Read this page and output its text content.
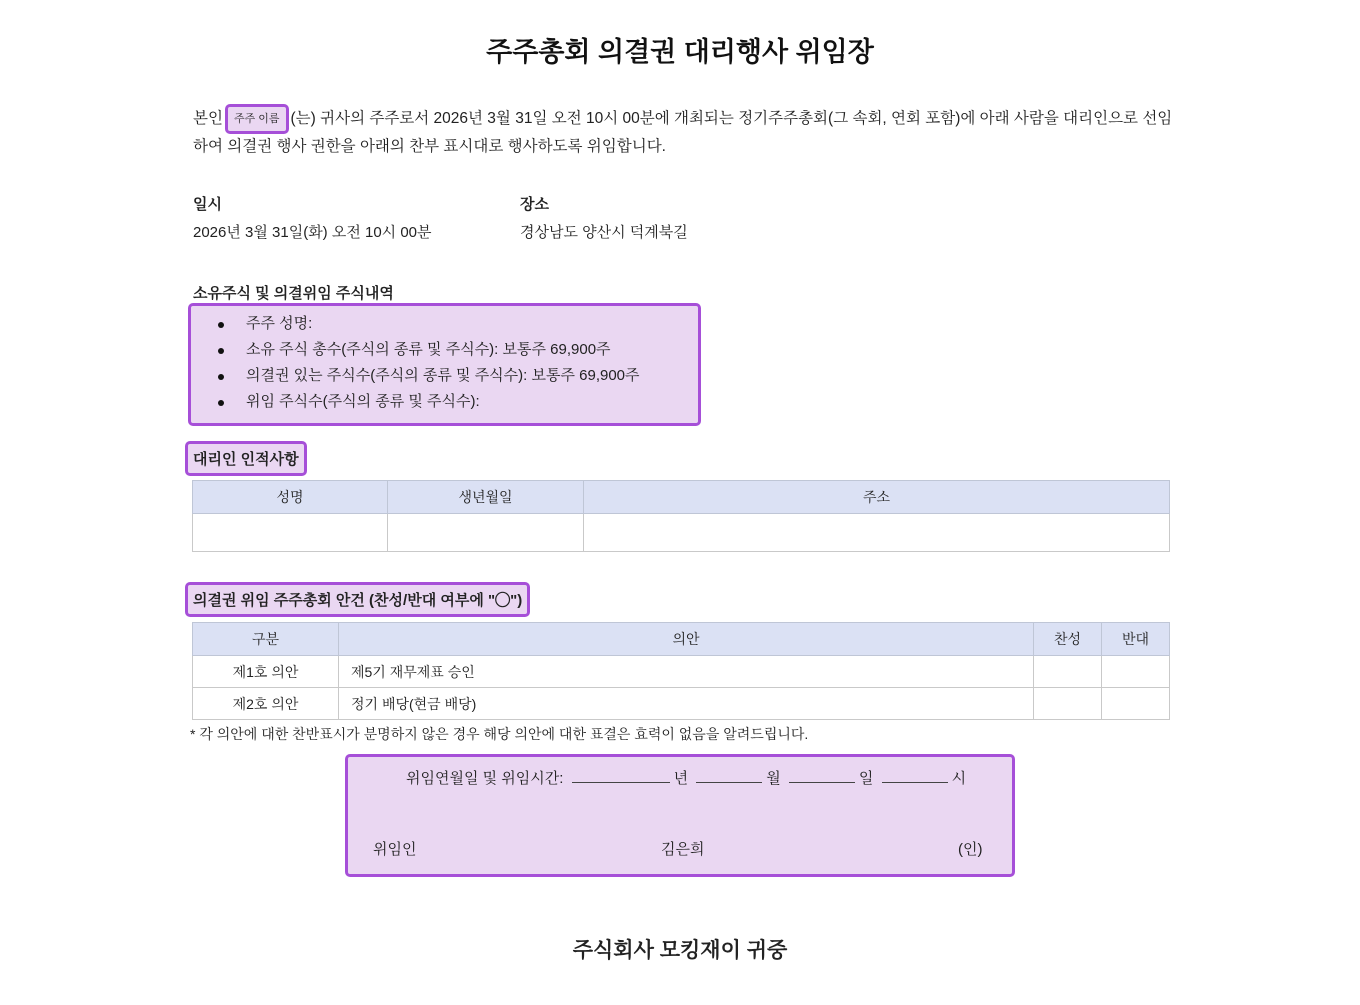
주주총회 의결권 대리행사 위임장
본인 주주 이름 (는) 귀사의 주주로서 2026년 3월 31일 오전 10시 00분에 개최되는 정기주주총회(그 속회, 연회 포함)에 아래 사람을 대리인으로 선임하여 의결권 행사 권한을 아래의 찬부 표시대로 행사하도록 위임합니다.
일시
2026년 3월 31일(화) 오전 10시 00분
장소
경상남도 양산시 덕계북길
소유주식 및 의결위임 주식내역
주주 성명:
소유 주식 총수(주식의 종류 및 주식수): 보통주 69,900주
의결권 있는 주식수(주식의 종류 및 주식수): 보통주 69,900주
위임 주식수(주식의 종류 및 주식수):
대리인 인적사항
성명	생년월일	주소

의결권 위임 주주총회 안건 (찬성/반대 여부에 "◯")
구분	의안	찬성	반대
제1호 의안	제5기 재무제표 승인		
제2호 의안	정기 배당(현금 배당)		
* 각 의안에 대한 찬반표시가 분명하지 않은 경우 해당 의안에 대한 표결은 효력이 없음을 알려드립니다.
위임연월일 및 위임시간:	년	월	일	시
위임인	김은희	(인)
주식회사 모킹재이 귀중
